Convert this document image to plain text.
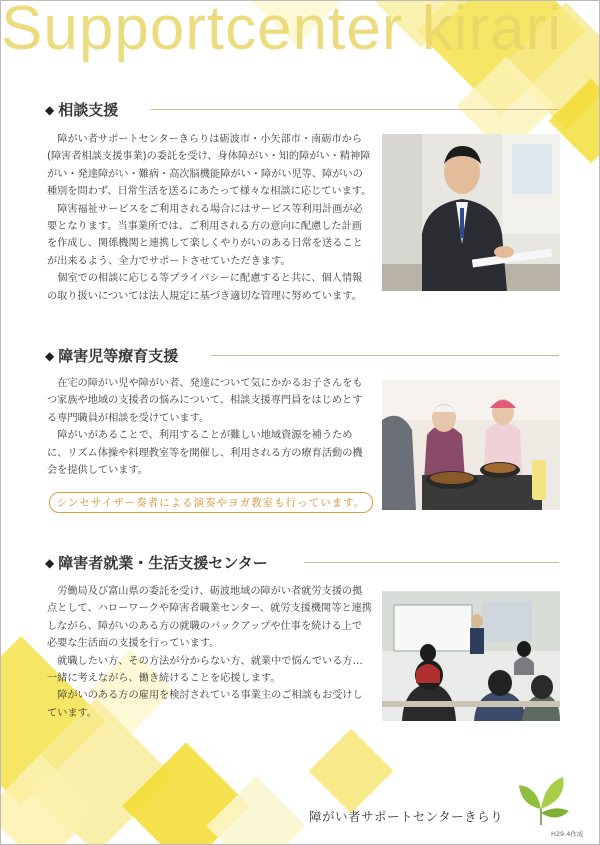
Supportcenter kirari
◆ 相談支援

障がい者サポートセンターきらりは砺波市・小矢部市・南砺市から(障害者相談支援事業)の委託を受け、身体障がい・知的障がい・精神障がい・発達障がい・難病・高次脳機能障がい・障がい児等、障がいの種別を問わず、日常生活を送るにあたって様々な相談に応じています。

障害福祉サービスをご利用される場合にはサービス等利用計画が必要となります。当事業所では、ご利用される方の意向に配慮した計画を作成し、関係機関と連携して楽しくやりがいのある日常を送ることが出来るよう、全力でサポートさせていただきます。

個室での相談に応じる等プライバシーに配慮すると共に、個人情報の取り扱いについては法人規定に基づき適切な管理に努めています。

◆ 障害児等療育支援

在宅の障がい児や障がい者、発達について気にかかるお子さんをもつ家族や地域の支援者の悩みについて、相談支援専門員をはじめとする専門職員が相談を受けています。

障がいがあることで、利用することが難しい地域資源を補うために、リズム体操や料理教室等を開催し、利用される方の療育活動の機会を提供しています。

シンセサイザー奏者による演奏やヨガ教室も行っています。
◆ 障害者就業・生活支援センター

労働局及び富山県の委託を受け、砺波地域の障がい者就労支援の拠点として、ハローワークや障害者職業センター、就労支援機関等と連携しながら、障がいのある方の就職のバックアップや仕事を続ける上で必要な生活面の支援を行っています。

就職したい方、その方法が分からない方、就業中で悩んでいる方…一緒に考えながら、働き続けることを応援します。

障がいのある方の雇用を検討されている事業主のご相談もお受けしています。

障がい者サポートセンターきらり
H29.4作成
